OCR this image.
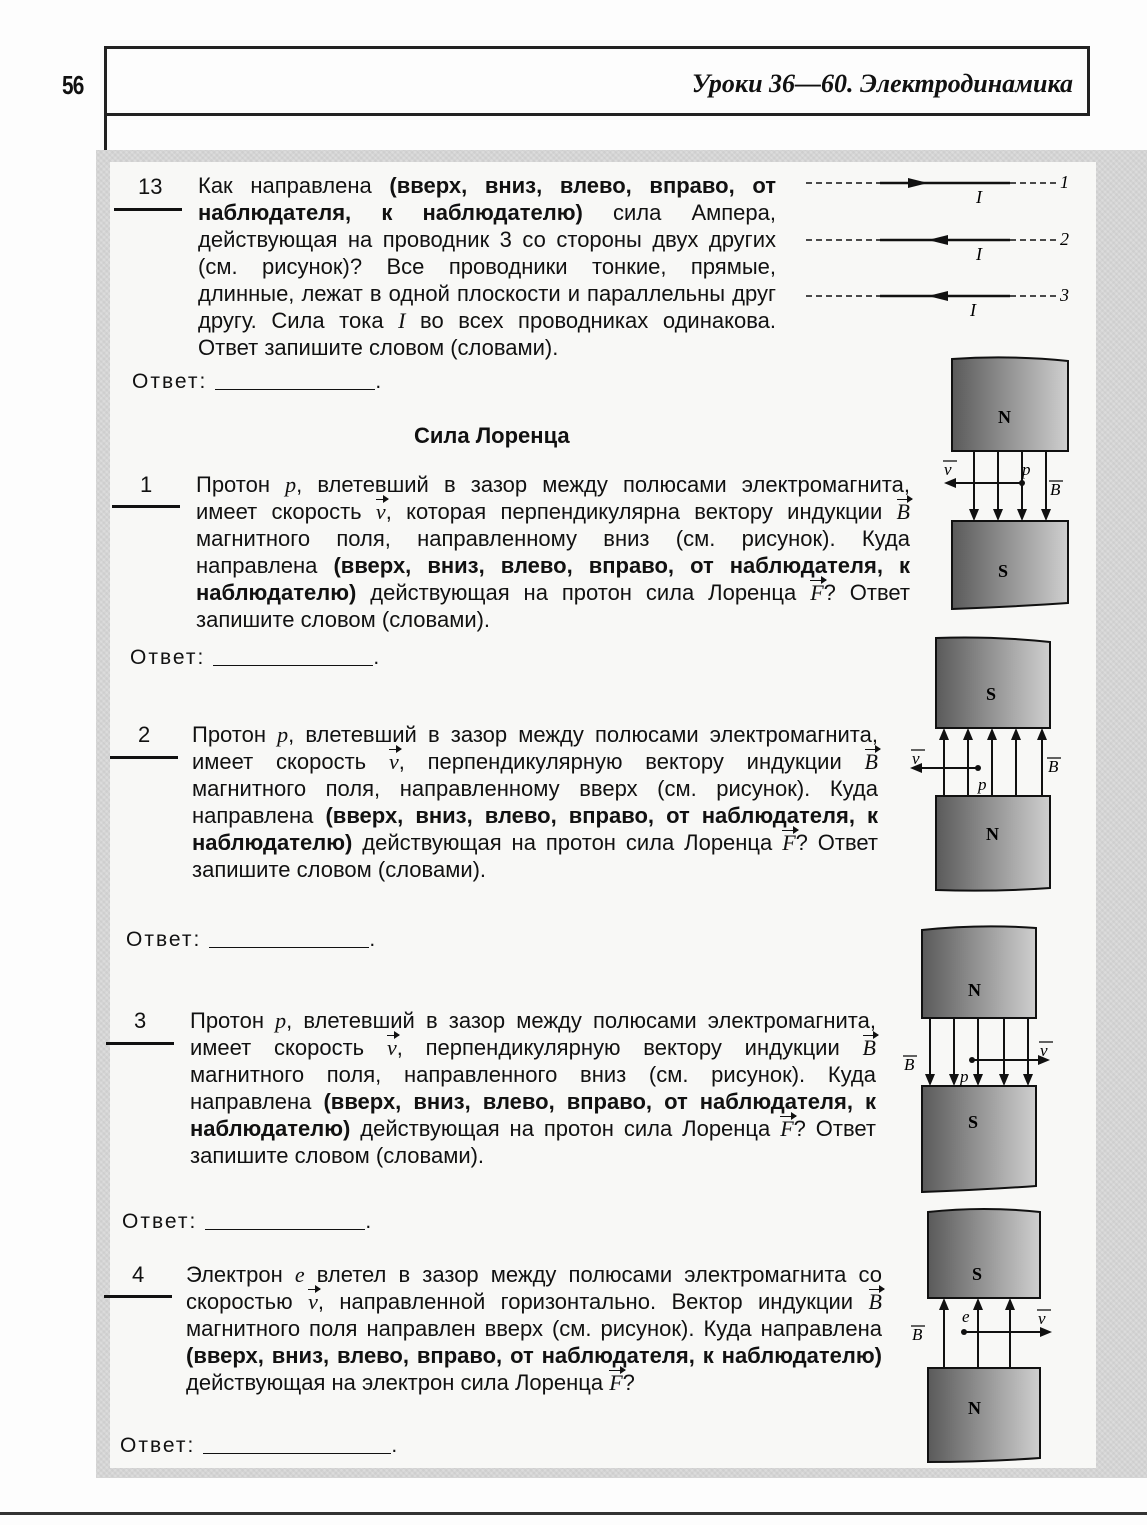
56	Уроки 36—60. Электродинамика
13 Как направлена (вверх, вниз, влево, вправо, от наблюдателя, к наблюдателю) сила Ампера, действующая на проводник 3 со стороны двух других (см. рисунок)? Все проводники тонкие, прямые, длинные, лежат в одной плоскости и параллельны друг другу. Сила тока I во всех проводниках одинакова. Ответ запишите словом (словами).
Ответ:	.
I
I
I
1
2
3
Сила Лоренца
1 Протон p, влетевший в зазор между полюсами электромагнита, имеет скорость v, которая перпендикулярна вектору индукции B магнитного поля, направленному вниз (см. рисунок). Куда направлена (вверх, вниз, влево, вправо, от наблюдателя, к наблюдателю) действующая на протон сила Лоренца F? Ответ запишите словом (словами).
Ответ:	.
N
S
v	p
B
2 Протон p, влетевший в зазор между полюсами электромагнита, имеет скорость v, перпендикулярную вектору индукции B магнитного поля, направленному вверх (см. рисунок). Куда направлена (вверх, вниз, влево, вправо, от наблюдателя, к наблюдателю) действующая на протон сила Лоренца F? Ответ запишите словом (словами).
Ответ:	.
S
N
v
p
B
3 Протон p, влетевший в зазор между полюсами электромагнита, имеет скорость v, перпендикулярную вектору индукции B магнитного поля, направленного вниз (см. рисунок). Куда направлена (вверх, вниз, влево, вправо, от наблюдателя, к наблюдателю) действующая на протон сила Лоренца F? Ответ запишите словом (словами).
Ответ:	.
N
S
v
p
B
4 Электрон e влетел в зазор между полюсами электромагнита со скоростью v, направленной горизонтально. Вектор индукции B магнитного поля направлен вверх (см. рисунок). Куда направлена (вверх, вниз, влево, вправо, от наблюдателя, к наблюдателю) действующая на электрон сила Лоренца F?
Ответ:	.
S
N
v
e
B
